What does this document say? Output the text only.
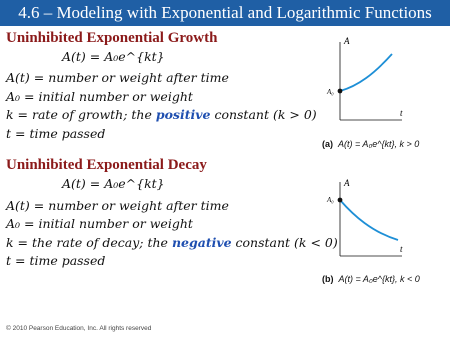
4.6 – Modeling with Exponential and Logarithmic Functions
Uninhibited Exponential Growth
A(t) = A₀e^{kt}
A(t) = number or weight after time
A₀ = initial number or weight
k = rate of growth; the positive constant (k > 0)
t = time passed
Uninhibited Exponential Decay
A(t) = A₀e^{kt}
A(t) = number or weight after time
A₀ = initial number or weight
k = the rate of decay; the negative constant (k < 0)
t = time passed
A
t
A₀
(a) A(t) = A₀e^{kt}, k > 0
A
t
A₀
(b) A(t) = A₀e^{kt}, k < 0
© 2010 Pearson Education, Inc. All rights reserved
